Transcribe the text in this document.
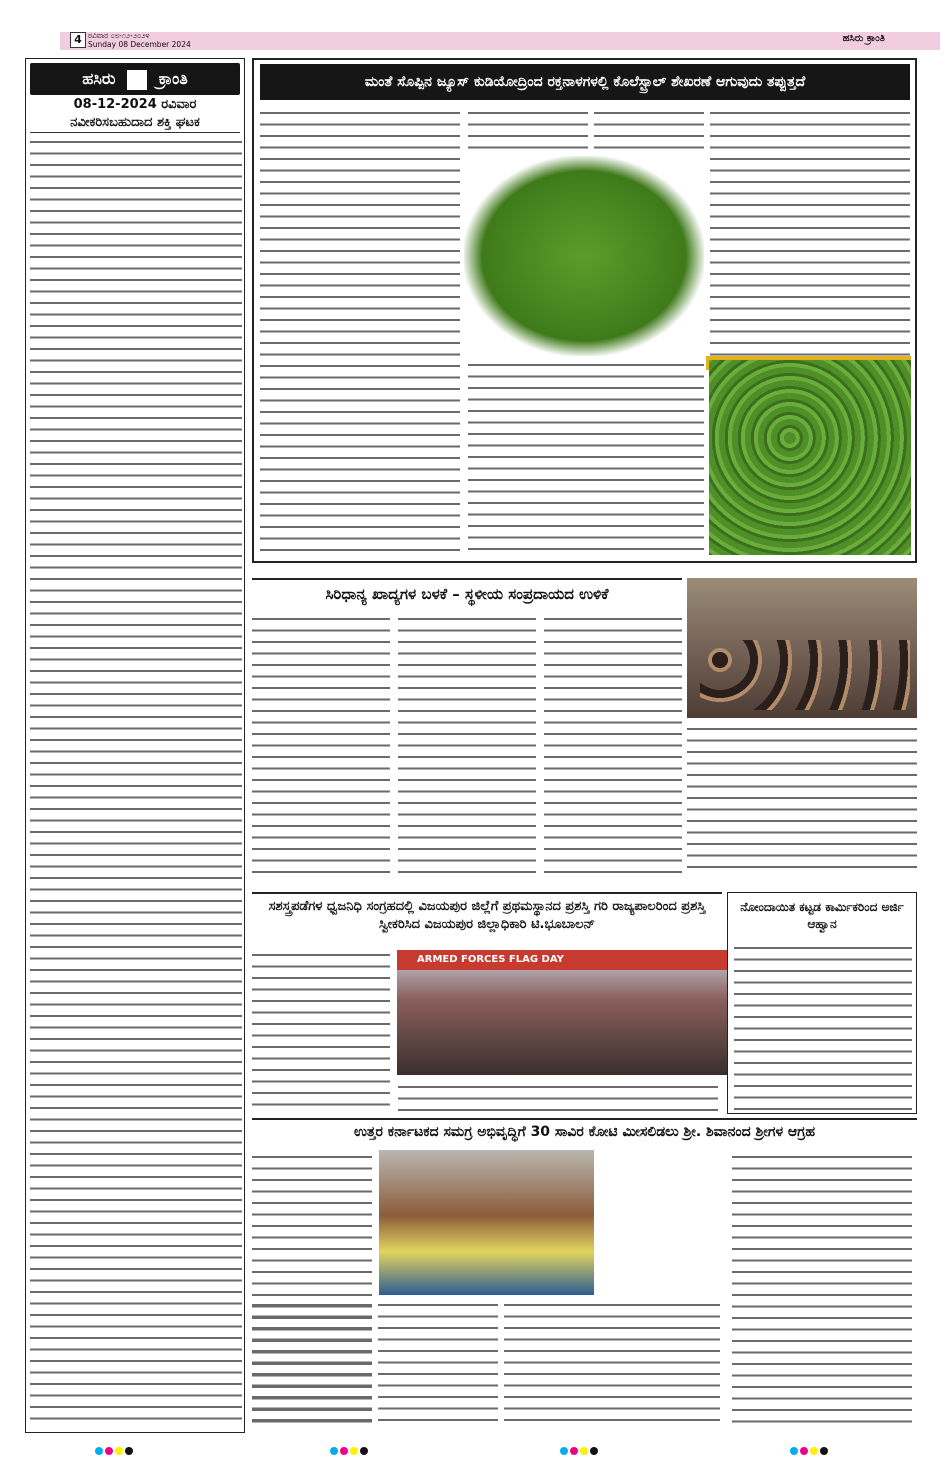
4 ರವಿವಾರ ೦೮-೧೨-೨೦೨೪
Sunday 08 December 2024
ಹಸಿರು ಕ್ರಾಂತಿ
ಹಸಿರು	ಕ್ರಾಂತಿ
08-12-2024 ರವಿವಾರ
ನವೀಕರಿಸಬಹುದಾದ ಶಕ್ತಿ ಘಟಕ
ಮಂತೆ ಸೊಪ್ಪಿನ ಜ್ಯೂಸ್ ಕುಡಿಯೋದ್ರಿಂದ ರಕ್ತನಾಳಗಳಲ್ಲಿ ಕೊಲೆಸ್ಟ್ರಾಲ್ ಶೇಖರಣೆ ಆಗುವುದು ತಪ್ಪುತ್ತದೆ
ಸಿರಿಧಾನ್ಯ ಖಾದ್ಯಗಳ ಬಳಕೆ – ಸ್ಥಳೀಯ ಸಂಪ್ರದಾಯದ ಉಳಿಕೆ
ಸಶಸ್ತ್ರಪಡೆಗಳ ಧ್ವಜನಿಧಿ ಸಂಗ್ರಹದಲ್ಲಿ ವಿಜಯಪುರ ಜಿಲ್ಲೆಗೆ ಪ್ರಥಮಸ್ಥಾನದ ಪ್ರಶಸ್ತಿ ಗರಿ ರಾಜ್ಯಪಾಲರಿಂದ ಪ್ರಶಸ್ತಿ ಸ್ವೀಕರಿಸಿದ ವಿಜಯಪುರ ಜಿಲ್ಲಾಧಿಕಾರಿ ಟಿ.ಭೂಬಾಲನ್
ARMED FORCES FLAG DAY
ನೋಂದಾಯಿತ ಕಟ್ಟಡ ಕಾರ್ಮಿಕರಿಂದ ಅರ್ಜಿ ಆಹ್ವಾನ
ಉತ್ತರ ಕರ್ನಾಟಕದ ಸಮಗ್ರ ಅಭಿವೃದ್ಧಿಗೆ 30 ಸಾವಿರ ಕೋಟಿ ಮೀಸಲಿಡಲು ಶ್ರೀ. ಶಿವಾನಂದ ಶ್ರೀಗಳ ಆಗ್ರಹ
